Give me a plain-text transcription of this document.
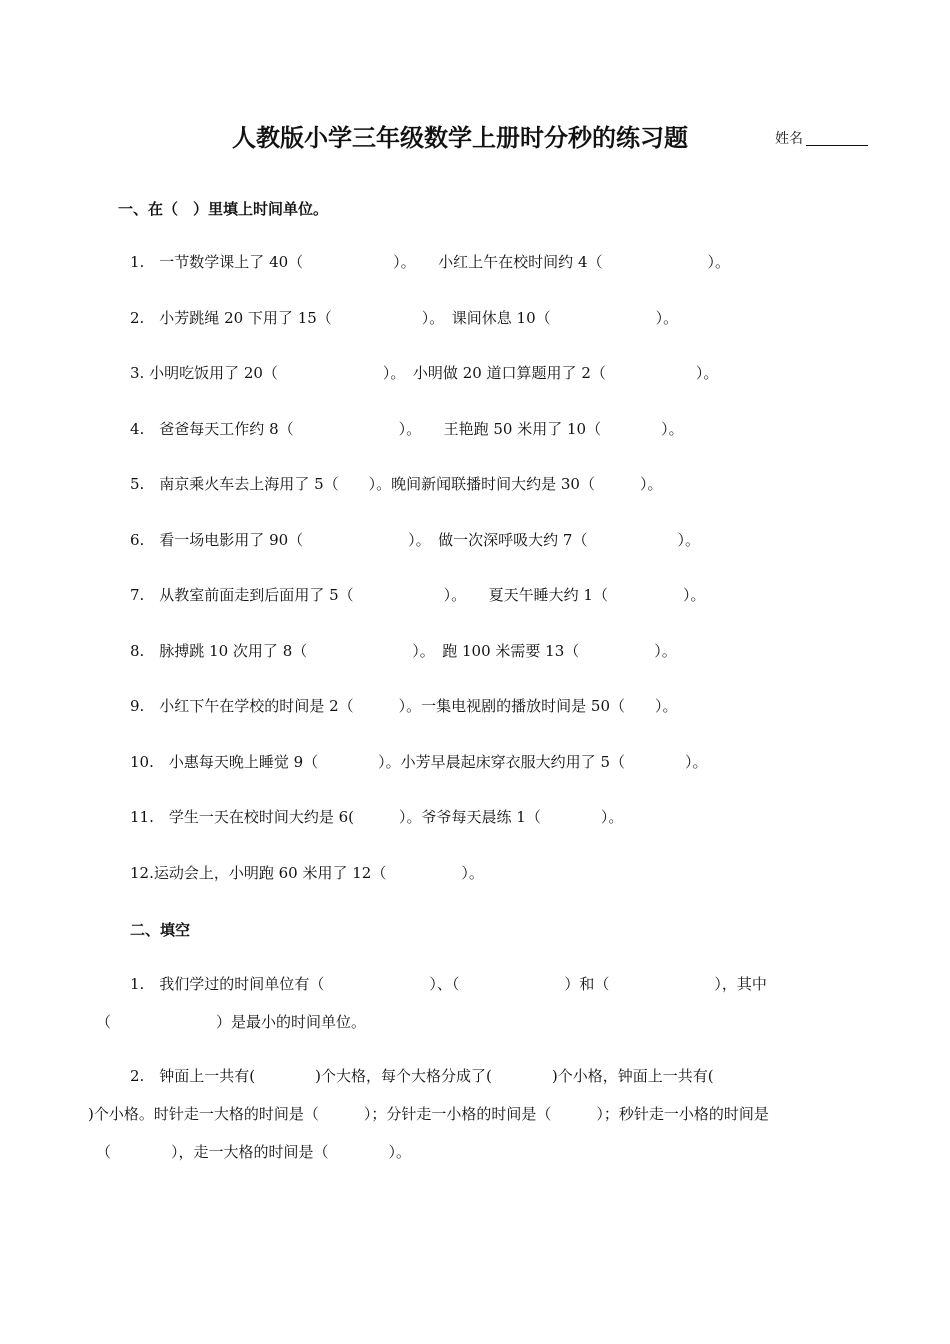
人教版小学三年级数学上册时分秒的练习题	姓名
一、在（　）里填上时间单位。
1.　一节数学课上了 40（　　　　　　）。　　小红上午在校时间约 4（　　　　　　　）。
2.　小芳跳绳 20 下用了 15（　　　　　　）。　课间休息 10（　　　　　　　）。
3. 小明吃饭用了 20（　　　　　　　）。　小明做 20 道口算题用了 2（　　　　　　）。
4.　爸爸每天工作约 8（　　　　　　　）。　　王艳跑 50 米用了 10（　　　　）。
5.　南京乘火车去上海用了 5（　　）。晚间新闻联播时间大约是 30（　　　）。
6.　看一场电影用了 90（　　　　　　　）。　做一次深呼吸大约 7（　　　　　　）。
7.　从教室前面走到后面用了 5（　　　　　　）。　　夏天午睡大约 1（　　　　　）。
8.　脉搏跳 10 次用了 8（　　　　　　　）。　跑 100 米需要 13（　　　　　）。
9.　小红下午在学校的时间是 2（　　　）。一集电视剧的播放时间是 50（　　）。
10.　小惠每天晚上睡觉 9（　　　　）。小芳早晨起床穿衣服大约用了 5（　　　　）。
11.　学生一天在校时间大约是 6(　　　）。爷爷每天晨练 1（　　　　）。
12.运动会上，小明跑 60 米用了 12（　　　　　）。
二、填空
1.　我们学过的时间单位有（　　　　　　　）、（　　　　　　　）和（　　　　　　　），其中
（　　　　　　　）是最小的时间单位。
2.　钟面上一共有(　　　　)个大格，每个大格分成了(　　　　)个小格，钟面上一共有(
)个小格。时针走一大格的时间是（　　　）；分针走一小格的时间是（　　　）；秒针走一小格的时间是
（　　　　），走一大格的时间是（　　　　）。
